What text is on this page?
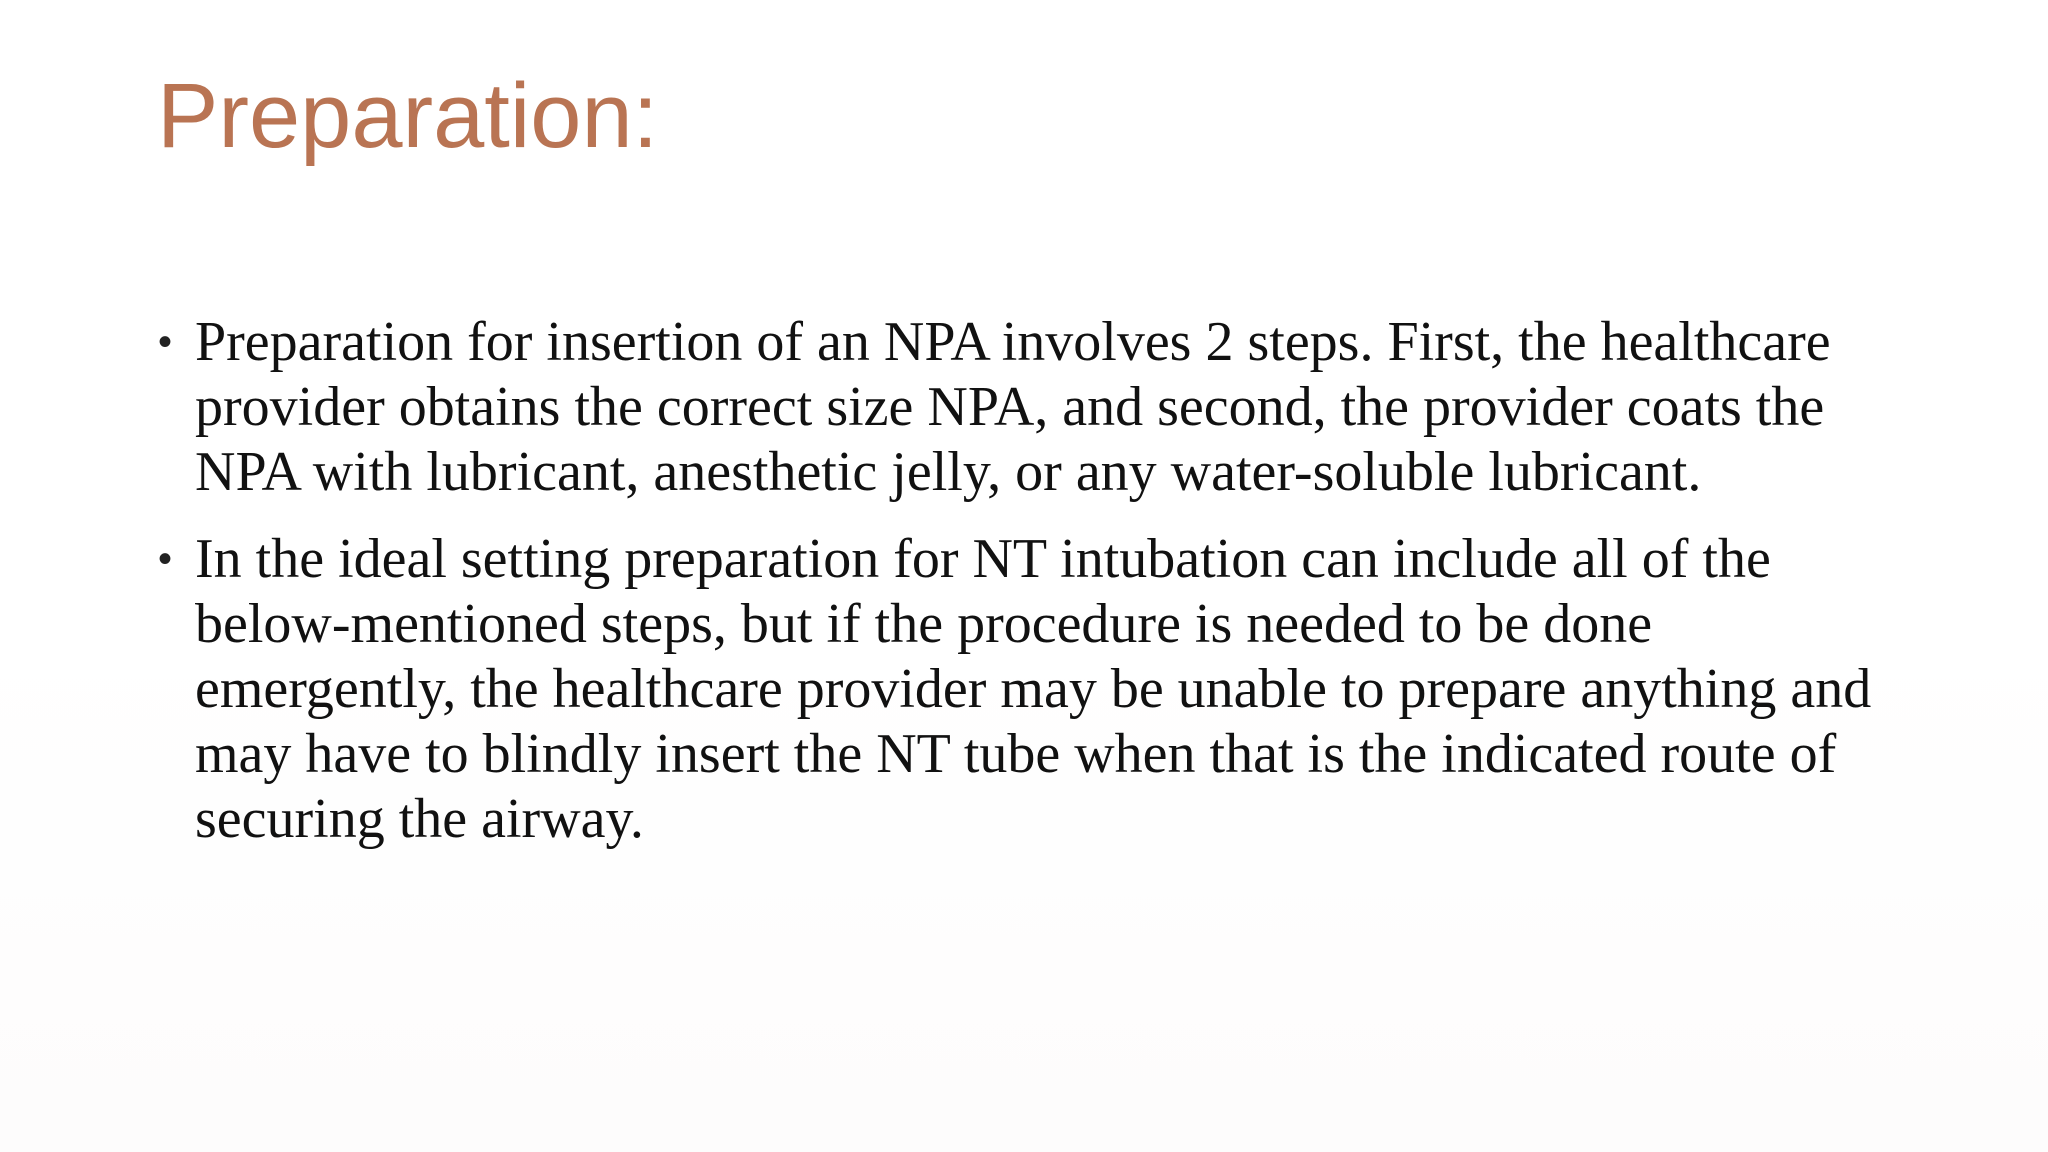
Preparation:
• Preparation for insertion of an NPA involves 2 steps. First, the healthcare provider obtains the correct size NPA, and second, the provider coats the NPA with lubricant, anesthetic jelly, or any water-soluble lubricant.
• In the ideal setting preparation for NT intubation can include all of the below-mentioned steps, but if the procedure is needed to be done emergently, the healthcare provider may be unable to prepare anything and may have to blindly insert the NT tube when that is the indicated route of securing the airway.
